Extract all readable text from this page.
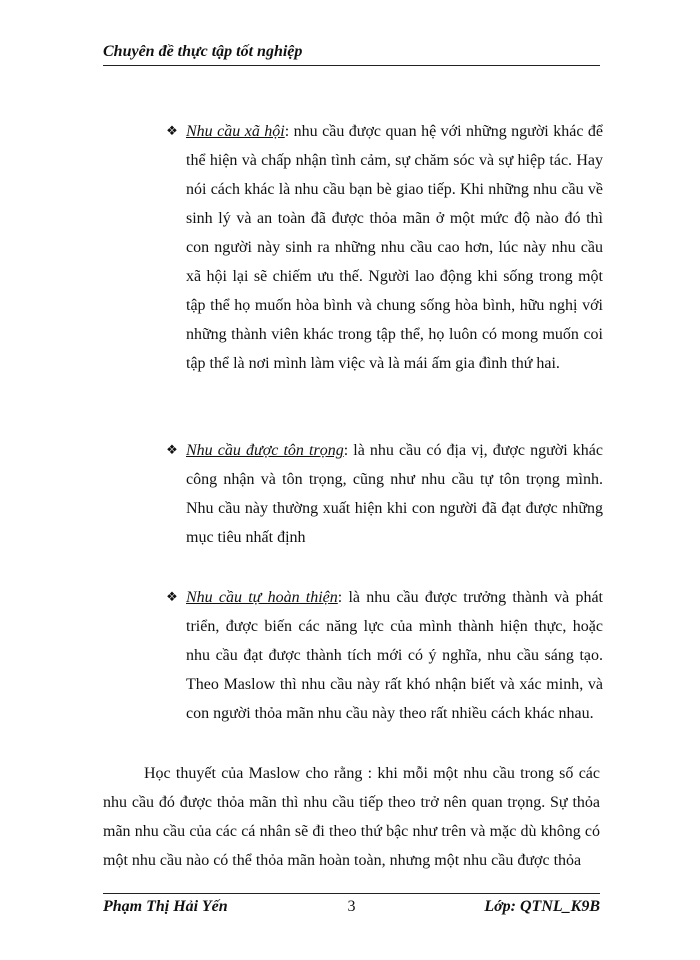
Chuyên đề thực tập tốt nghiệp
❖ Nhu cầu xã hội: nhu cầu được quan hệ với những người khác để thể hiện và chấp nhận tình cảm, sự chăm sóc và sự hiệp tác. Hay nói cách khác là nhu cầu bạn bè giao tiếp. Khi những nhu cầu về sinh lý và an toàn đã được thỏa mãn ở một mức độ nào đó thì con người này sinh ra những nhu cầu cao hơn, lúc này nhu cầu xã hội lại sẽ chiếm ưu thế. Người lao động khi sống trong một tập thể họ muốn hòa bình và chung sống hòa bình, hữu nghị với những thành viên khác trong tập thể, họ luôn có mong muốn coi tập thể là nơi mình làm việc và là mái ấm gia đình thứ hai.

❖ Nhu cầu được tôn trọng: là nhu cầu có địa vị, được người khác công nhận và tôn trọng, cũng như nhu cầu tự tôn trọng mình. Nhu cầu này thường xuất hiện khi con người đã đạt được những mục tiêu nhất định

❖ Nhu cầu tự hoàn thiện: là nhu cầu được trưởng thành và phát triển, được biến các năng lực của mình thành hiện thực, hoặc nhu cầu đạt được thành tích mới có ý nghĩa, nhu cầu sáng tạo. Theo Maslow thì nhu cầu này rất khó nhận biết và xác minh, và con người thỏa mãn nhu cầu này theo rất nhiều cách khác nhau.

Học thuyết của Maslow cho rằng : khi mỗi một nhu cầu trong số các nhu cầu đó được thỏa mãn thì nhu cầu tiếp theo trở nên quan trọng. Sự thỏa mãn nhu cầu của các cá nhân sẽ đi theo thứ bậc như trên và mặc dù không có một nhu cầu nào có thể thỏa mãn hoàn toàn, nhưng một nhu cầu được thỏa

Phạm Thị Hải Yến	3	Lớp: QTNL_K9B
